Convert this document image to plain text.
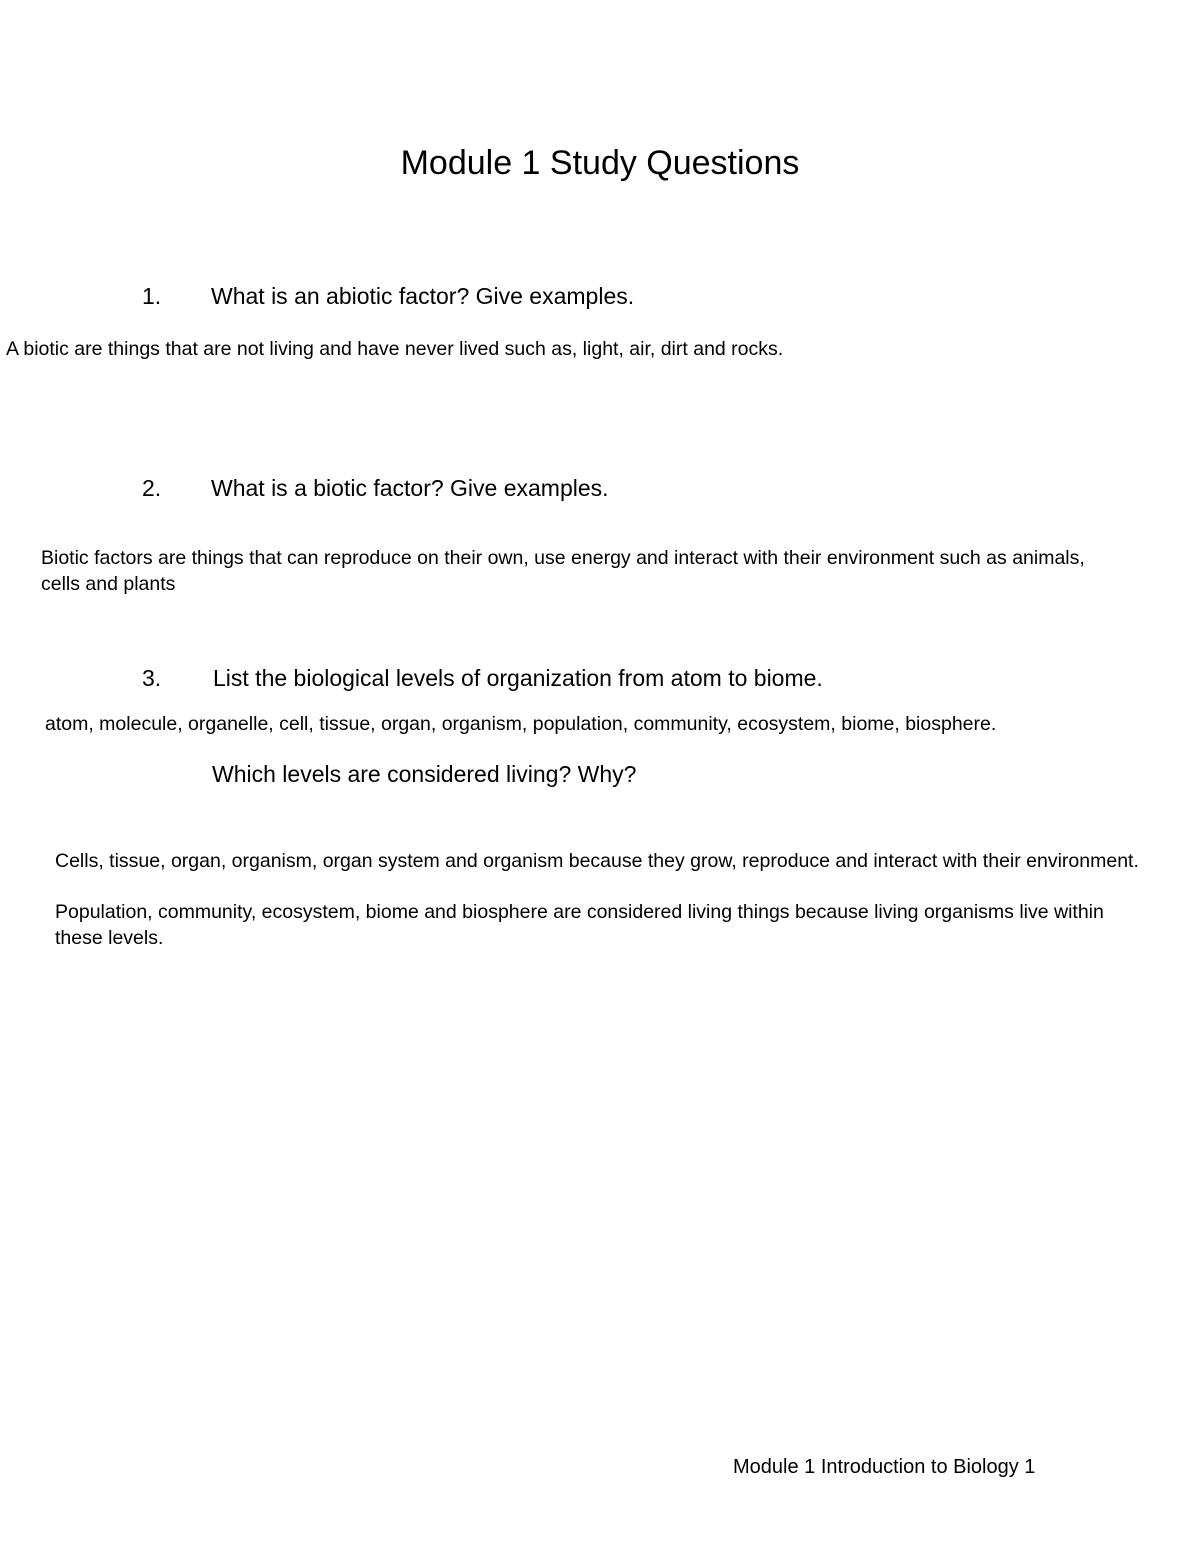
Module 1 Study Questions
1. What is an abiotic factor? Give examples.

A biotic are things that are not living and have never lived such as, light, air, dirt and rocks.

2. What is a biotic factor? Give examples.

Biotic factors are things that can reproduce on their own, use energy and interact with their environment such as animals, cells and plants

3. List the biological levels of organization from atom to biome.

atom, molecule, organelle, cell, tissue, organ, organism, population, community, ecosystem, biome, biosphere.

Which levels are considered living? Why?

Cells, tissue, organ, organism, organ system and organism because they grow, reproduce and interact with their environment.

Population, community, ecosystem, biome and biosphere are considered living things because living organisms live within these levels.

Module 1 Introduction to Biology 1
